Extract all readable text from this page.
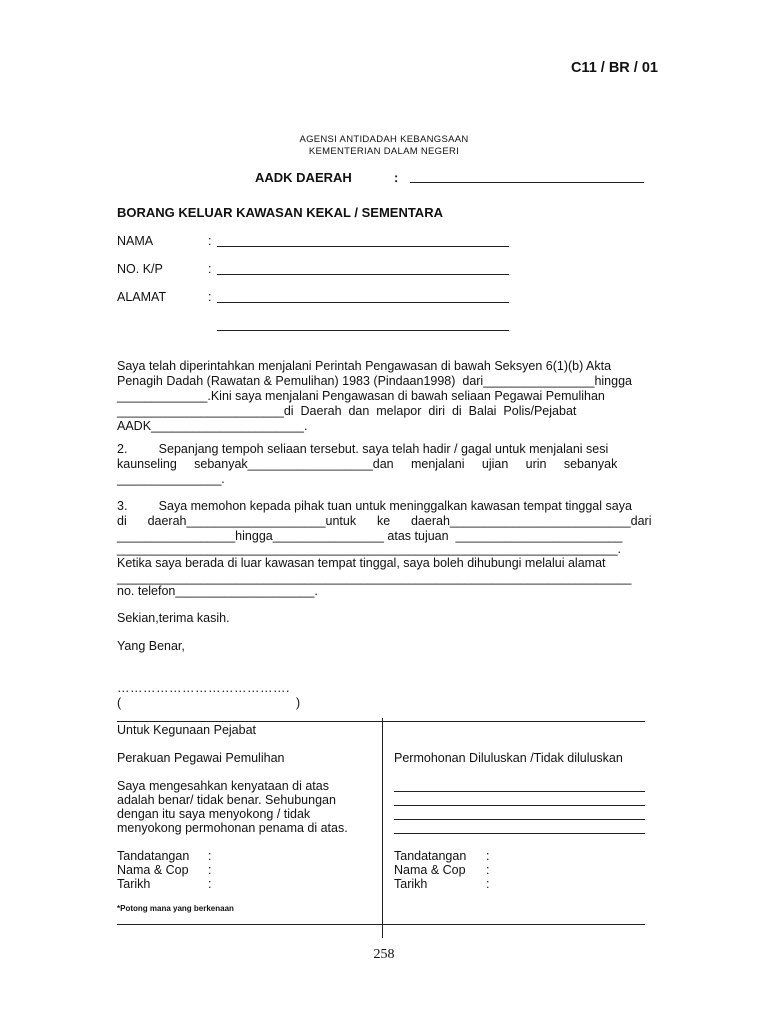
C11 / BR / 01
AGENSI ANTIDADAH KEBANGSAAN
KEMENTERIAN DALAM NEGERI
AADK DAERAH	:
BORANG KELUAR KAWASAN KEKAL / SEMENTARA
NAMA	:
NO. K/P	:
ALAMAT	:
Saya telah diperintahkan menjalani Perintah Pengawasan di bawah Seksyen 6(1)(b) Akta
Penagih Dadah (Rawatan & Pemulihan) 1983 (Pindaan1998)  dari________________hingga
_____________.Kini saya menjalani Pengawasan di bawah seliaan Pegawai Pemulihan
________________________di  Daerah  dan  melapor  diri  di  Balai  Polis/Pejabat
AADK______________________.
2.         Sepanjang tempoh seliaan tersebut. saya telah hadir / gagal untuk menjalani sesi
kaunseling     sebanyak__________________dan     menjalani     ujian     urin     sebanyak
_______________.
3.         Saya memohon kepada pihak tuan untuk meninggalkan kawasan tempat tinggal saya
di      daerah____________________untuk      ke      daerah__________________________dari
_________________hingga________________ atas tujuan  ________________________
________________________________________________________________________.
Ketika saya berada di luar kawasan tempat tinggal, saya boleh dihubungi melalui alamat
__________________________________________________________________________
no. telefon____________________.
Sekian,terima kasih.
Yang Benar,
………………………………….
(	)
Untuk Kegunaan Pejabat
Perakuan Pegawai Pemulihan
Saya mengesahkan kenyataan di atas
adalah benar/ tidak benar. Sehubungan
dengan itu saya menyokong / tidak
menyokong permohonan penama di atas.
Tandatangan :
Nama & Cop :
Tarikh	:
Permohonan Diluluskan /Tidak diluluskan
Tandatangan :
Nama & Cop :
Tarikh	:
*Potong mana yang berkenaan
258
